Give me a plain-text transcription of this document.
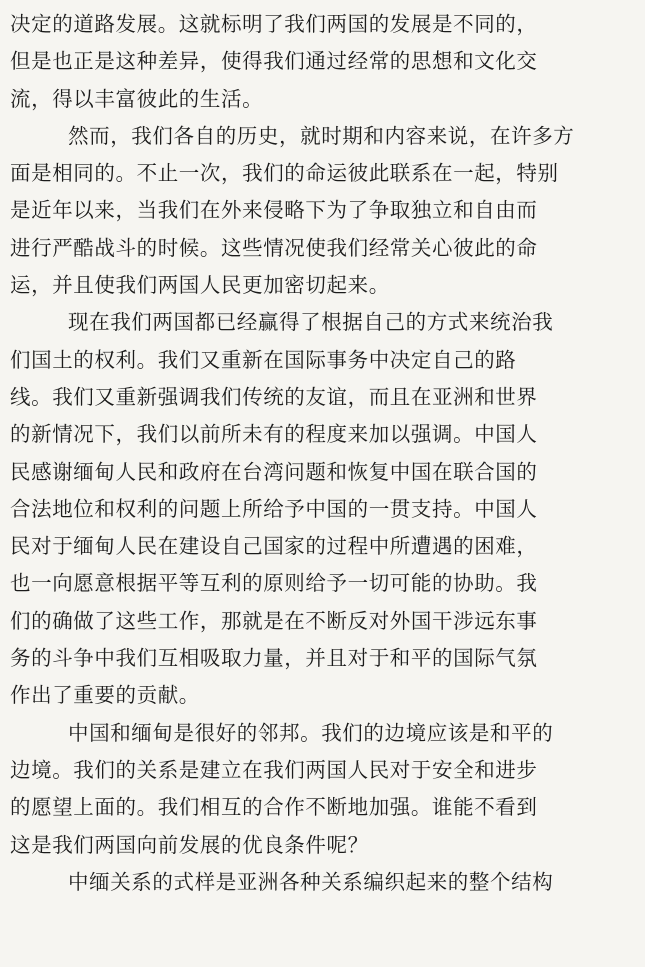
决定的道路发展。这就标明了我们两国的发展是不同的，
但是也正是这种差异，使得我们通过经常的思想和文化交
流，得以丰富彼此的生活。
然而，我们各自的历史，就时期和内容来说，在许多方
面是相同的。不止一次，我们的命运彼此联系在一起，特别
是近年以来，当我们在外来侵略下为了争取独立和自由而
进行严酷战斗的时候。这些情况使我们经常关心彼此的命
运，并且使我们两国人民更加密切起来。
现在我们两国都已经赢得了根据自己的方式来统治我
们国土的权利。我们又重新在国际事务中决定自己的路
线。我们又重新强调我们传统的友谊，而且在亚洲和世界
的新情况下，我们以前所未有的程度来加以强调。中国人
民感谢缅甸人民和政府在台湾问题和恢复中国在联合国的
合法地位和权利的问题上所给予中国的一贯支持。中国人
民对于缅甸人民在建设自己国家的过程中所遭遇的困难，
也一向愿意根据平等互利的原则给予一切可能的协助。我
们的确做了这些工作，那就是在不断反对外国干涉远东事
务的斗争中我们互相吸取力量，并且对于和平的国际气氛
作出了重要的贡献。
中国和缅甸是很好的邻邦。我们的边境应该是和平的
边境。我们的关系是建立在我们两国人民对于安全和进步
的愿望上面的。我们相互的合作不断地加强。谁能不看到
这是我们两国向前发展的优良条件呢？
中缅关系的式样是亚洲各种关系编织起来的整个结构
